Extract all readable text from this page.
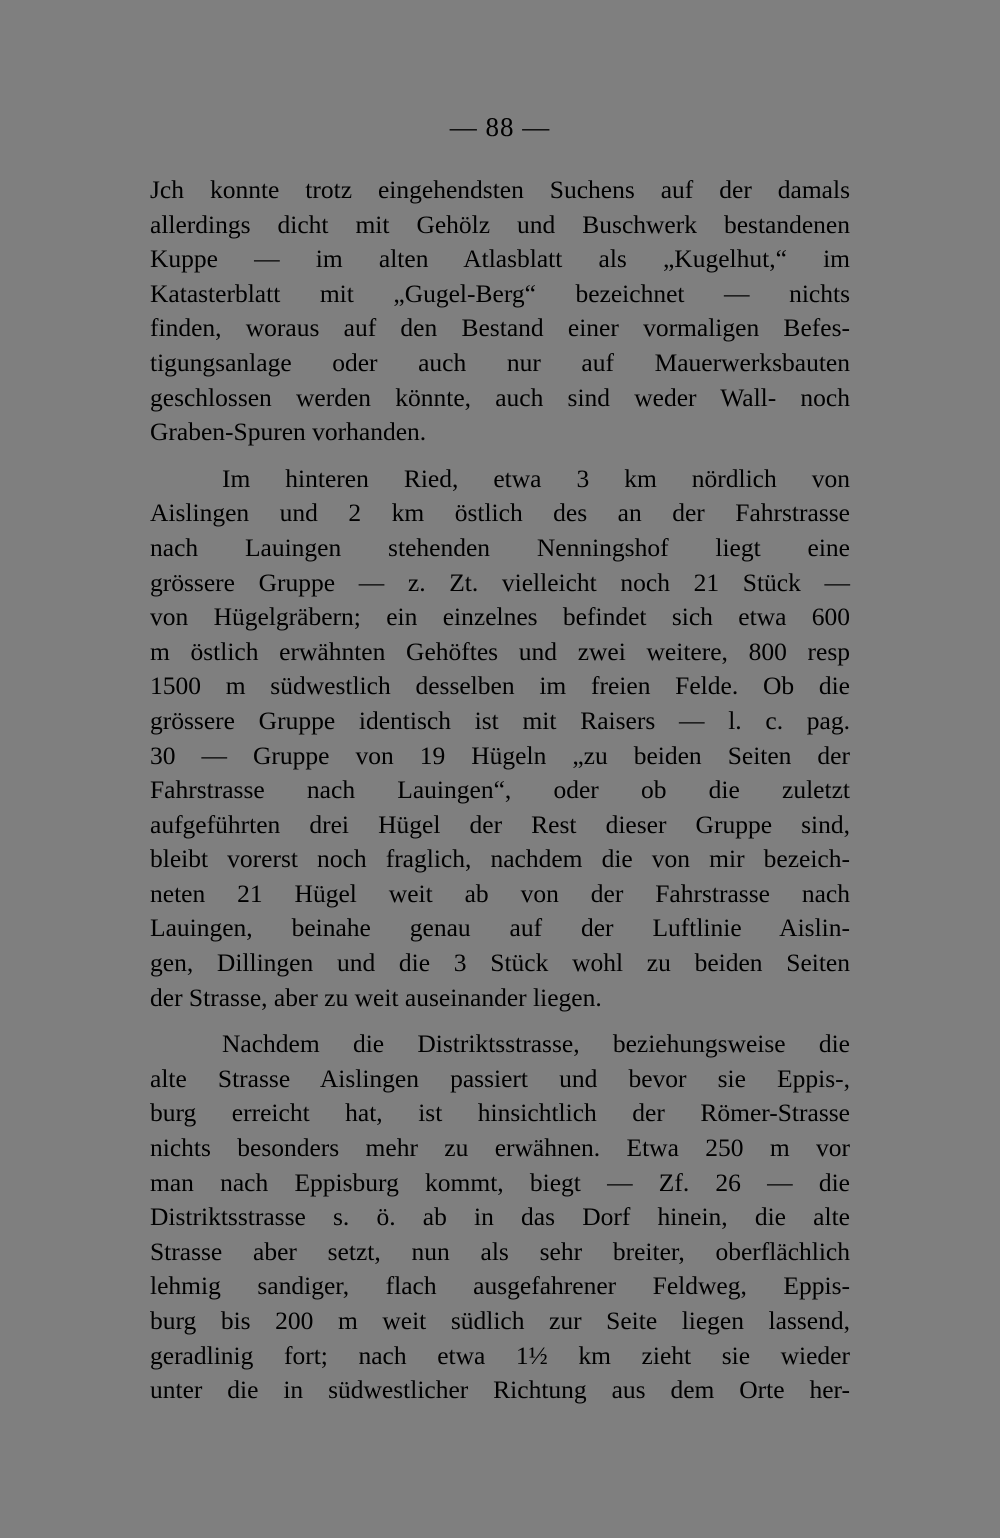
— 88 —
Jch konnte trotz eingehendsten Suchens auf der damals
allerdings dicht mit Gehölz und Buschwerk bestandenen
Kuppe — im alten Atlasblatt als „Kugelhut,“ im
Katasterblatt mit „Gugel-Berg“ bezeichnet — nichts
finden, woraus auf den Bestand einer vormaligen Befes-
tigungsanlage oder auch nur auf Mauerwerksbauten
geschlossen werden könnte, auch sind weder Wall- noch
Graben-Spuren vorhanden.
Im hinteren Ried, etwa 3 km nördlich von
Aislingen und 2 km östlich des an der Fahrstrasse
nach Lauingen stehenden Nenningshof liegt eine
grössere Gruppe — z. Zt. vielleicht noch 21 Stück —
von Hügelgräbern; ein einzelnes befindet sich etwa 600
m östlich erwähnten Gehöftes und zwei weitere, 800 resp
1500 m südwestlich desselben im freien Felde. Ob die
grössere Gruppe identisch ist mit Raisers — l. c. pag.
30 — Gruppe von 19 Hügeln „zu beiden Seiten der
Fahrstrasse nach Lauingen“, oder ob die zuletzt
aufgeführten drei Hügel der Rest dieser Gruppe sind,
bleibt vorerst noch fraglich, nachdem die von mir bezeich-
neten 21 Hügel weit ab von der Fahrstrasse nach
Lauingen, beinahe genau auf der Luftlinie Aislin-
gen, Dillingen und die 3 Stück wohl zu beiden Seiten
der Strasse, aber zu weit auseinander liegen.
Nachdem die Distriktsstrasse, beziehungsweise die
alte Strasse Aislingen passiert und bevor sie Eppis-,
burg erreicht hat, ist hinsichtlich der Römer-Strasse
nichts besonders mehr zu erwähnen. Etwa 250 m vor
man nach Eppisburg kommt, biegt — Zf. 26 — die
Distriktsstrasse s. ö. ab in das Dorf hinein, die alte
Strasse aber setzt, nun als sehr breiter, oberflächlich
lehmig sandiger, flach ausgefahrener Feldweg, Eppis-
burg bis 200 m weit südlich zur Seite liegen lassend,
geradlinig fort; nach etwa 1½ km zieht sie wieder
unter die in südwestlicher Richtung aus dem Orte her-
